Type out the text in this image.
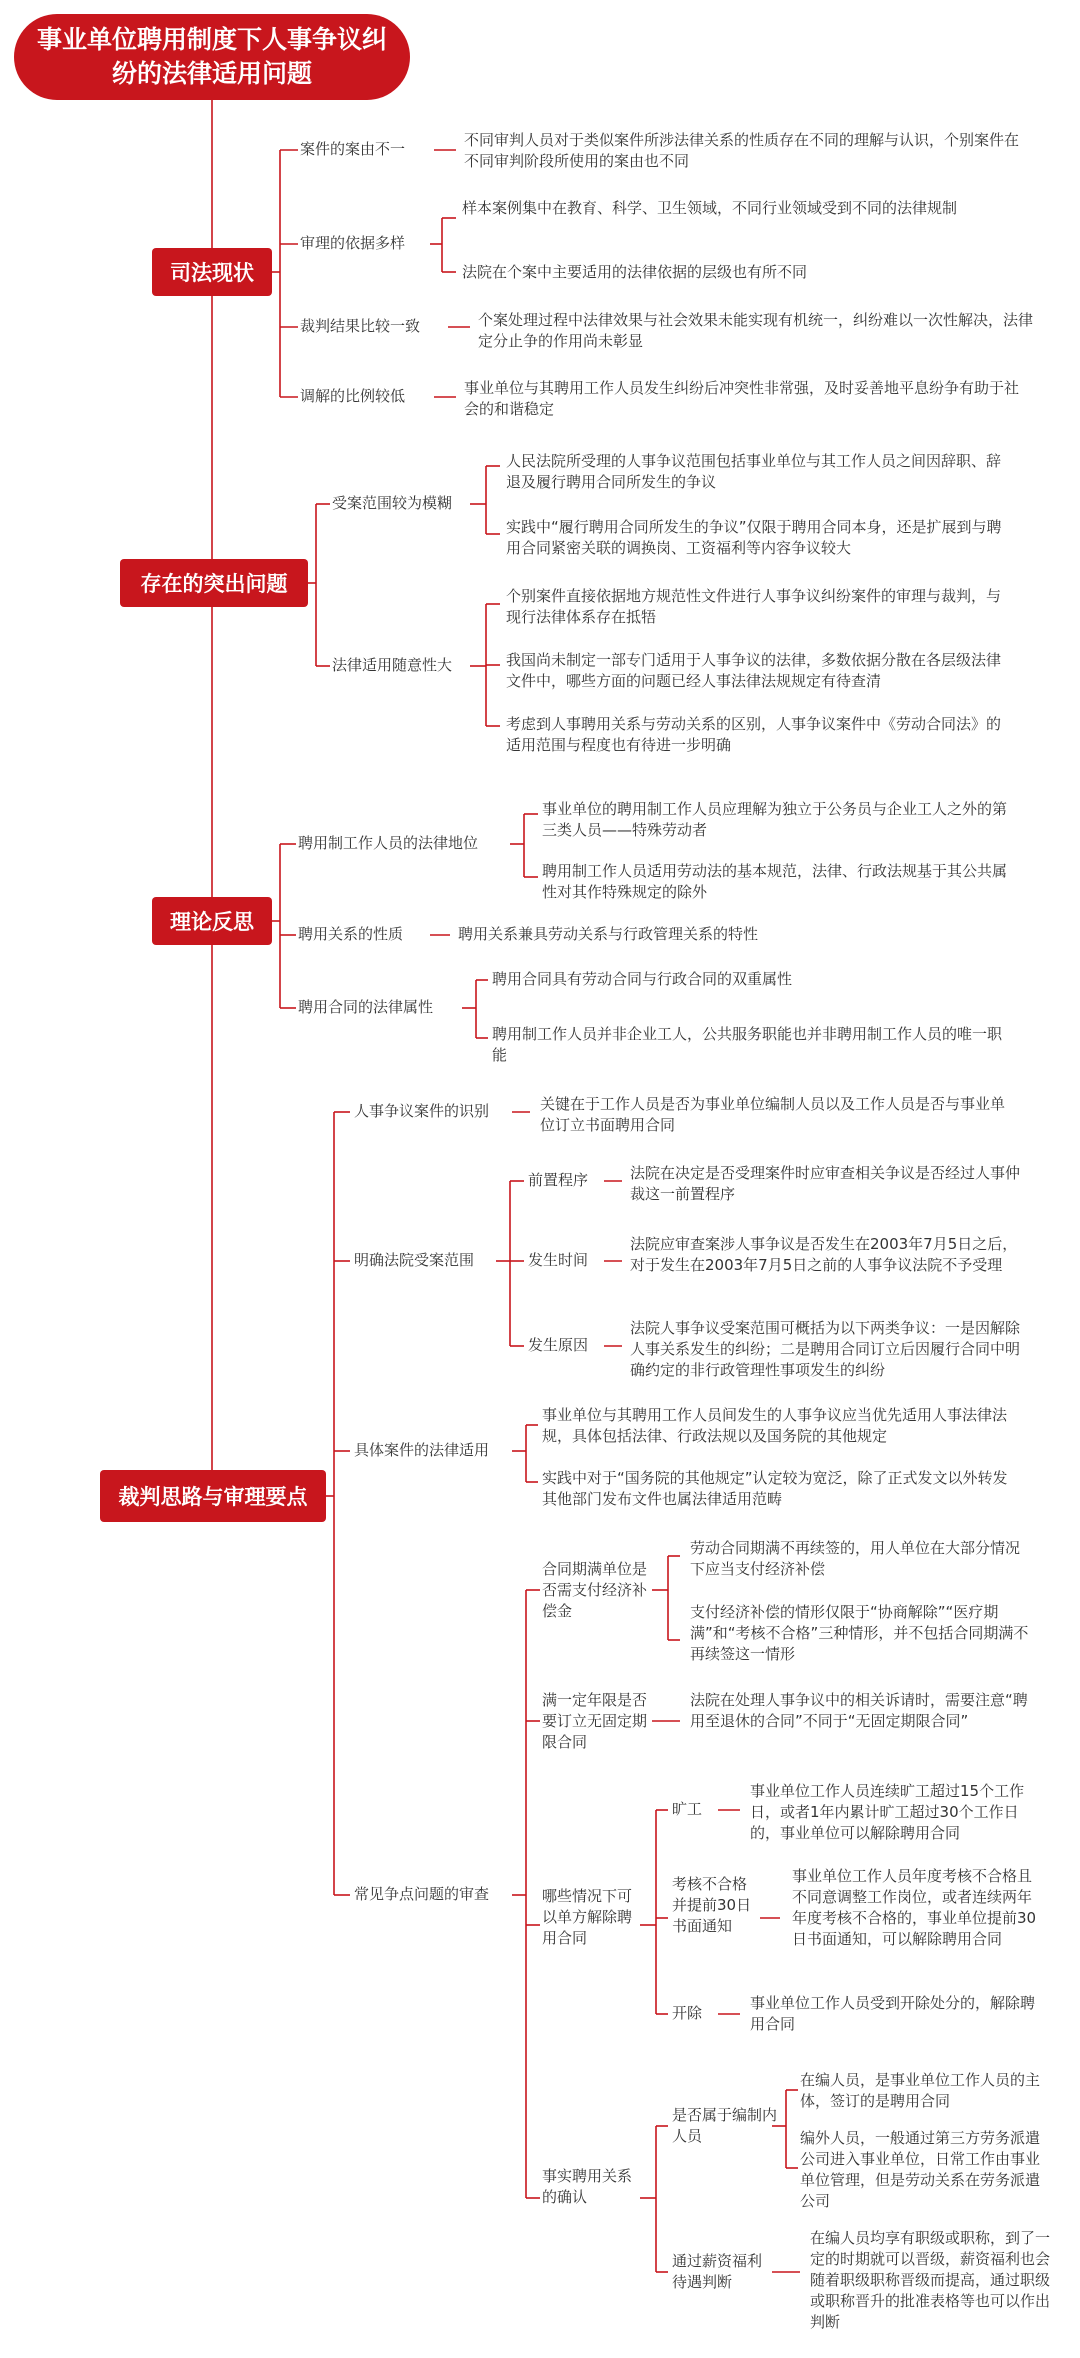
事业单位聘用制度下人事争议纠纷的法律适用问题
司法现状
案件的案由不一	不同审判人员对于类似案件所涉法律关系的性质存在不同的理解与认识，个别案件在不同审判阶段所使用的案由也不同
审理的依据多样
样本案例集中在教育、科学、卫生领域，不同行业领域受到不同的法律规制
法院在个案中主要适用的法律依据的层级也有所不同
裁判结果比较一致	个案处理过程中法律效果与社会效果未能实现有机统一，纠纷难以一次性解决，法律定分止争的作用尚未彰显
调解的比例较低	事业单位与其聘用工作人员发生纠纷后冲突性非常强，及时妥善地平息纷争有助于社会的和谐稳定
存在的突出问题
受案范围较为模糊
人民法院所受理的人事争议范围包括事业单位与其工作人员之间因辞职、辞退及履行聘用合同所发生的争议
实践中“履行聘用合同所发生的争议”仅限于聘用合同本身，还是扩展到与聘用合同紧密关联的调换岗、工资福利等内容争议较大
法律适用随意性大
个别案件直接依据地方规范性文件进行人事争议纠纷案件的审理与裁判，与现行法律体系存在抵牾
我国尚未制定一部专门适用于人事争议的法律，多数依据分散在各层级法律文件中，哪些方面的问题已经人事法律法规规定有待查清
考虑到人事聘用关系与劳动关系的区别，人事争议案件中《劳动合同法》的适用范围与程度也有待进一步明确
理论反思
聘用制工作人员的法律地位
事业单位的聘用制工作人员应理解为独立于公务员与企业工人之外的第三类人员——特殊劳动者
聘用制工作人员适用劳动法的基本规范，法律、行政法规基于其公共属性对其作特殊规定的除外
聘用关系的性质	聘用关系兼具劳动关系与行政管理关系的特性
聘用合同的法律属性
聘用合同具有劳动合同与行政合同的双重属性
聘用制工作人员并非企业工人，公共服务职能也并非聘用制工作人员的唯一职能
裁判思路与审理要点
人事争议案件的识别	关键在于工作人员是否为事业单位编制人员以及工作人员是否与事业单位订立书面聘用合同
明确法院受案范围
前置程序	法院在决定是否受理案件时应审查相关争议是否经过人事仲裁这一前置程序
发生时间
法院应审查案涉人事争议是否发生在2003年7月5日之后，对于发生在2003年7月5日之前的人事争议法院不予受理
发生原因
法院人事争议受案范围可概括为以下两类争议：一是因解除人事关系发生的纠纷；二是聘用合同订立后因履行合同中明确约定的非行政管理性事项发生的纠纷
具体案件的法律适用
事业单位与其聘用工作人员间发生的人事争议应当优先适用人事法律法规，具体包括法律、行政法规以及国务院的其他规定
实践中对于“国务院的其他规定”认定较为宽泛，除了正式发文以外转发其他部门发布文件也属法律适用范畴
常见争点问题的审查
合同期满单位是否需支付经济补偿金
劳动合同期满不再续签的，用人单位在大部分情况下应当支付经济补偿
支付经济补偿的情形仅限于“协商解除”“医疗期满”和“考核不合格”三种情形，并不包括合同期满不再续签这一情形
满一定年限是否要订立无固定期限合同
法院在处理人事争议中的相关诉请时，需要注意“聘用至退休的合同”不同于“无固定期限合同”
哪些情况下可以单方解除聘用合同
旷工
事业单位工作人员连续旷工超过15个工作日，或者1年内累计旷工超过30个工作日的，事业单位可以解除聘用合同
考核不合格并提前30日书面通知
事业单位工作人员年度考核不合格且不同意调整工作岗位，或者连续两年年度考核不合格的，事业单位提前30日书面通知，可以解除聘用合同
开除
事业单位工作人员受到开除处分的，解除聘用合同
事实聘用关系的确认
是否属于编制内人员
在编人员，是事业单位工作人员的主体，签订的是聘用合同
编外人员，一般通过第三方劳务派遣公司进入事业单位，日常工作由事业单位管理，但是劳动关系在劳务派遣公司
通过薪资福利待遇判断
在编人员均享有职级或职称，到了一定的时期就可以晋级，薪资福利也会随着职级职称晋级而提高，通过职级或职称晋升的批准表格等也可以作出判断
